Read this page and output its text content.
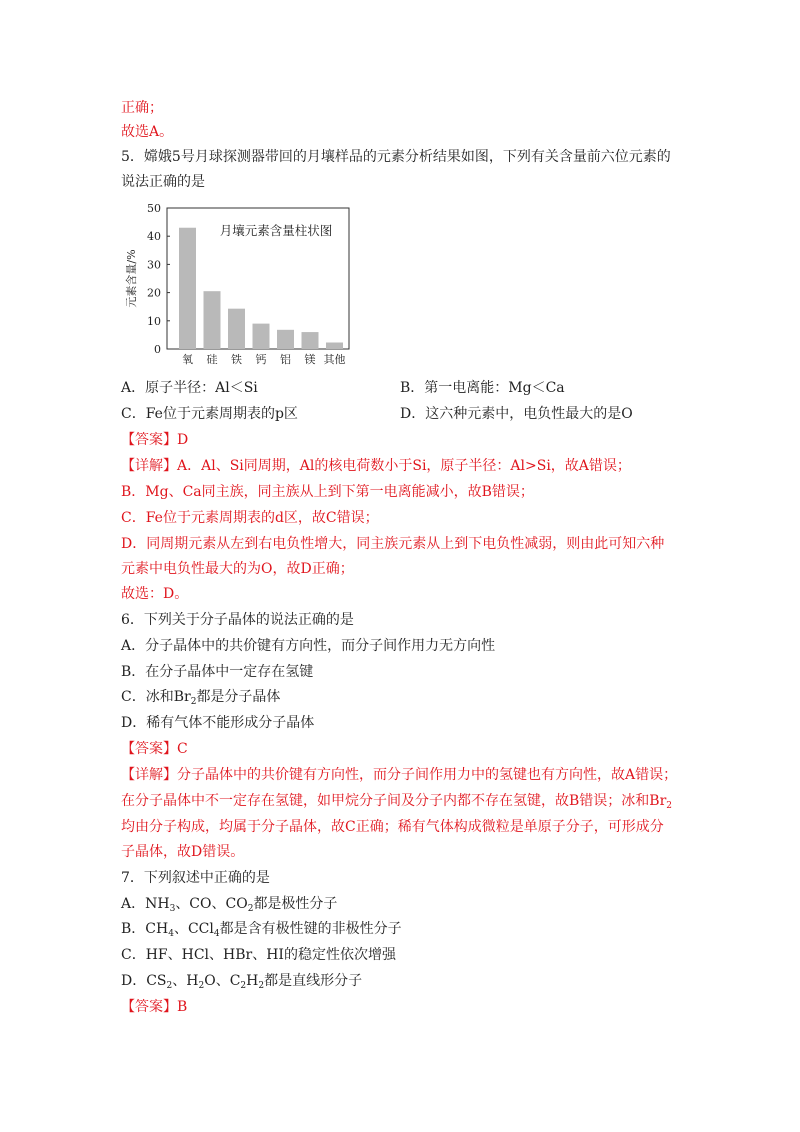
正确；
故选A。
5．嫦娥5号月球探测器带回的月壤样品的元素分析结果如图，下列有关含量前六位元素的
说法正确的是
0
10
20
30
40
50
元素含量/%
月壤元素含量柱状图
氧 硅 铁 钙 铝 镁 其他
A．原子半径：Al＜Si	B．第一电离能：Mg＜Ca
C．Fe位于元素周期表的p区	D．这六种元素中，电负性最大的是O
【答案】D
【详解】A．Al、Si同周期，Al的核电荷数小于Si，原子半径：Al>Si，故A错误；
B．Mg、Ca同主族，同主族从上到下第一电离能减小，故B错误；
C．Fe位于元素周期表的d区，故C错误；
D．同周期元素从左到右电负性增大，同主族元素从上到下电负性减弱，则由此可知六种
元素中电负性最大的为O，故D正确；
故选：D。
6．下列关于分子晶体的说法正确的是
A．分子晶体中的共价键有方向性，而分子间作用力无方向性
B．在分子晶体中一定存在氢键
C．冰和$Br_2$都是分子晶体
D．稀有气体不能形成分子晶体
【答案】C
【详解】分子晶体中的共价键有方向性，而分子间作用力中的氢键也有方向性，故A错误；
在分子晶体中不一定存在氢键，如甲烷分子间及分子内都不存在氢键，故B错误；冰和$Br_2$
均由分子构成，均属于分子晶体，故C正确；稀有气体构成微粒是单原子分子，可形成分
子晶体，故D错误。
7．下列叙述中正确的是
A．$NH_3$、CO、$CO_2$都是极性分子
B．$CH_4$、CCl$_4$都是含有极性键的非极性分子
C．HF、HCl、HBr、HI的稳定性依次增强
D．$CS_2$、$H_2O$、$C_2H_2$都是直线形分子
【答案】B
